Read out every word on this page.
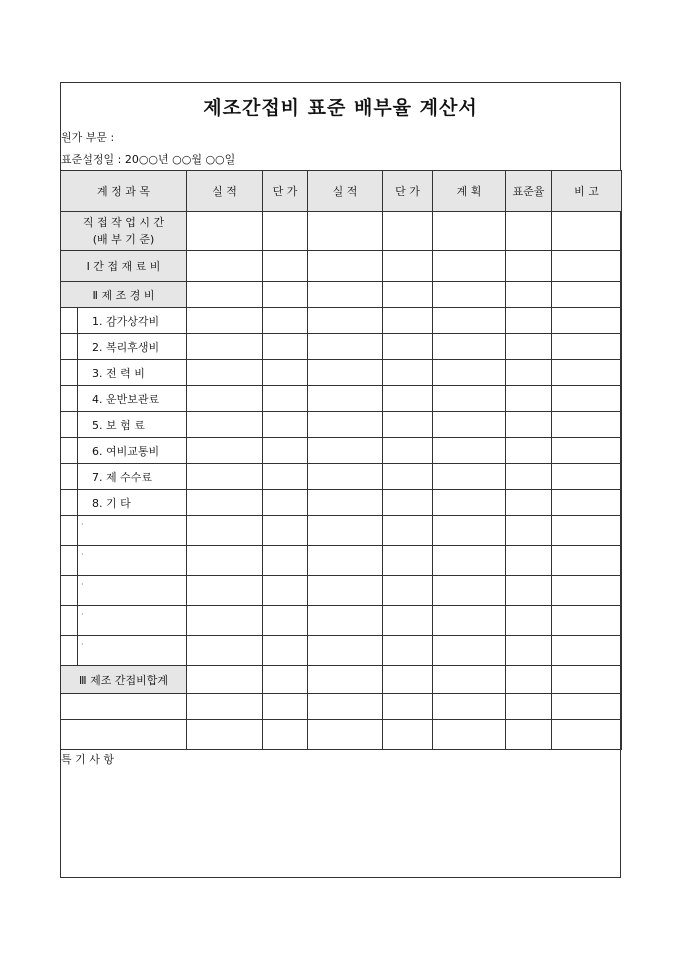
제조간접비 표준 배부율 계산서
원가 부문 :
표준설정일 : 20○○년 ○○월 ○○일
계 정 과 목		실 적	단 가	실 적	단 가	계 획	표준율	비 고

직 접 작 업 시 간
(배 부 기 준)								

Ⅰ 간 접 재 료 비								
Ⅱ 제 조 경 비								
	1. 감가상각비							
	2. 복리후생비							
	3. 전 력 비							
	4. 운반보관료							
	5. 보 험 료							
	6. 여비교통비							
	7. 제 수수료							
	8. 기 타							
	·							
	·							
	·							
	·							
	·							
Ⅲ 제조 간접비합계								

특 기 사 항
